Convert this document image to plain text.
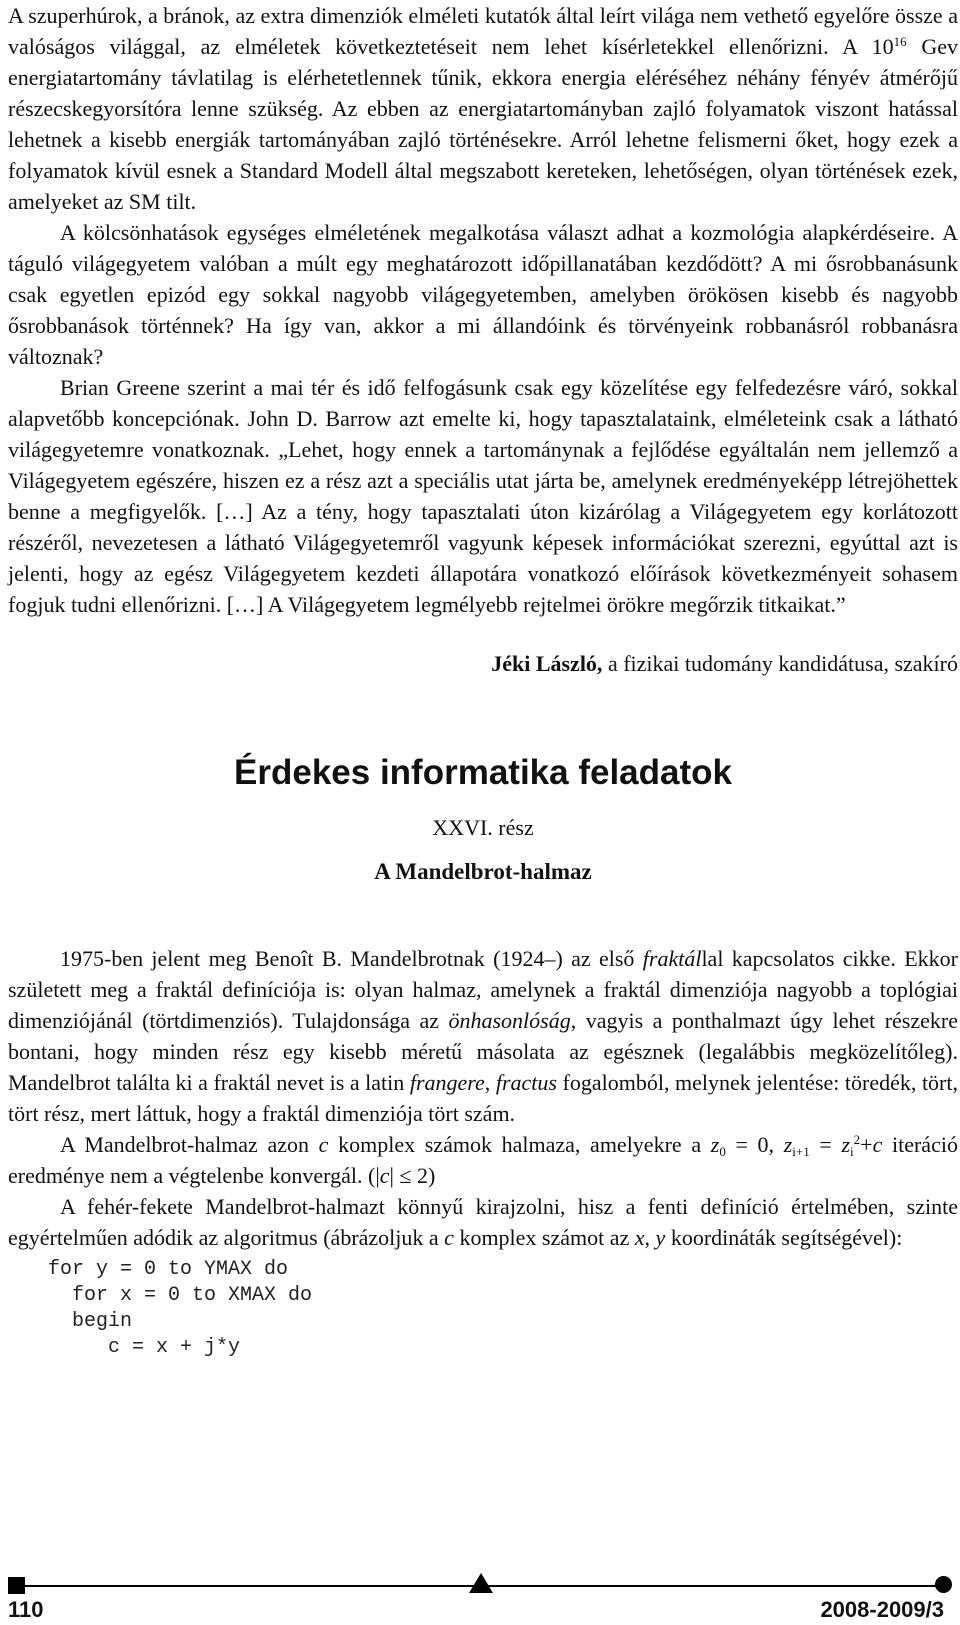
A szuperhúrok, a bránok, az extra dimenziók elméleti kutatók által leírt világa nem vethető egyelőre össze a valóságos világgal, az elméletek következtetéseit nem lehet kísérletekkel ellenőrizni. A $10^{16}$ Gev energiatartomány távlatilag is elérhetetlennek tűnik, ekkora energia eléréséhez néhány fényév átmérőjű részecskegyorsítóra lenne szükség. Az ebben az energiatartományban zajló folyamatok viszont hatással lehetnek a kisebb energiák tartományában zajló történésekre. Arról lehetne felismerni őket, hogy ezek a folyamatok kívül esnek a Standard Modell által megszabott kereteken, lehetőségen, olyan történések ezek, amelyeket az SM tilt.

A kölcsönhatások egységes elméletének megalkotása választ adhat a kozmológia alapkérdéseire. A táguló világegyetem valóban a múlt egy meghatározott időpillanatában kezdődött? A mi ősrobbanásunk csak egyetlen epizód egy sokkal nagyobb világegyetemben, amelyben örökösen kisebb és nagyobb ősrobbanások történnek? Ha így van, akkor a mi állandóink és törvényeink robbanásról robbanásra változnak?

Brian Greene szerint a mai tér és idő felfogásunk csak egy közelítése egy felfedezésre váró, sokkal alapvetőbb koncepciónak. John D. Barrow azt emelte ki, hogy tapasztalataink, elméleteink csak a látható világegyetemre vonatkoznak. „Lehet, hogy ennek a tartománynak a fejlődése egyáltalán nem jellemző a Világegyetem egészére, hiszen ez a rész azt a speciális utat járta be, amelynek eredményeképp létrejöhettek benne a megfigyelők. […] Az a tény, hogy tapasztalati úton kizárólag a Világegyetem egy korlátozott részéről, nevezetesen a látható Világegyetemről vagyunk képesek információkat szerezni, egyúttal azt is jelenti, hogy az egész Világegyetem kezdeti állapotára vonatkozó előírások következményeit sohasem fogjuk tudni ellenőrizni. […] A Világegyetem legmélyebb rejtelmei örökre megőrzik titkaikat.”

Jéki László, a fizikai tudomány kandidátusa, szakíró
Érdekes informatika feladatok
XXVI. rész
A Mandelbrot-halmaz

1975-ben jelent meg Benoît B. Mandelbrotnak (1924–) az első fraktállal kapcsolatos cikke. Ekkor született meg a fraktál definíciója is: olyan halmaz, amelynek a fraktál dimenziója nagyobb a toplógiai dimenziójánál (törtdimenziós). Tulajdonsága az önhasonlóság, vagyis a ponthalmazt úgy lehet részekre bontani, hogy minden rész egy kisebb méretű másolata az egésznek (legalábbis megközelítőleg). Mandelbrot találta ki a fraktál nevet is a latin frangere, fractus fogalomból, melynek jelentése: töredék, tört, tört rész, mert láttuk, hogy a fraktál dimenziója tört szám.

A Mandelbrot-halmaz azon c komplex számok halmaza, amelyekre a $z_0 = 0$, $z_{i+1} = z_i^2+c$ iteráció eredménye nem a végtelenbe konvergál. (|c| ≤ 2)

A fehér-fekete Mandelbrot-halmazt könnyű kirajzolni, hisz a fenti definíció értelmében, szinte egyértelműen adódik az algoritmus (ábrázoljuk a c komplex számot az x, y koordináták segítségével):

for y = 0 to YMAX do
for x = 0 to XMAX do
begin
c = x + j*y
110	2008-2009/3
